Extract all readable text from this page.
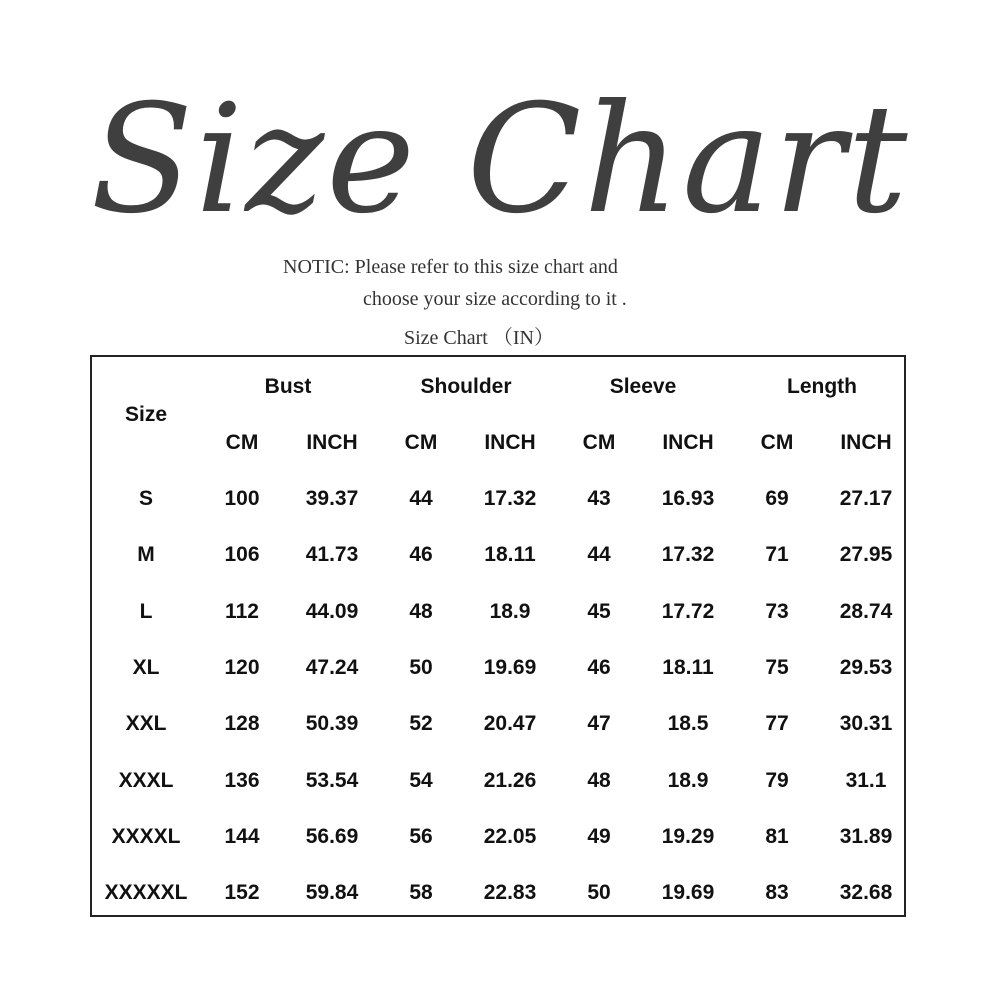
Size Chart
NOTIC: Please refer to this size chart and
choose your size according to it .
Size Chart （IN）
Size
Bust	Shoulder	Sleeve	Length
CM INCH CM INCH CM INCH CM INCH
S	100 39.37 44 17.32 43 16.93 69 27.17
M	106 41.73 46 18.11 44 17.32 71 27.95
L	112 44.09 48	18.9	45 17.72 73 28.74
XL	120 47.24 50 19.69 46 18.11 75 29.53
XXL	128 50.39 52 20.47 47	18.5	77 30.31
XXXL 136 53.54 54 21.26 48	18.9	79	31.1
XXXXL 144 56.69 56 22.05 49 19.29 81 31.89
XXXXXL 152 59.84 58 22.83 50 19.69 83 32.68
